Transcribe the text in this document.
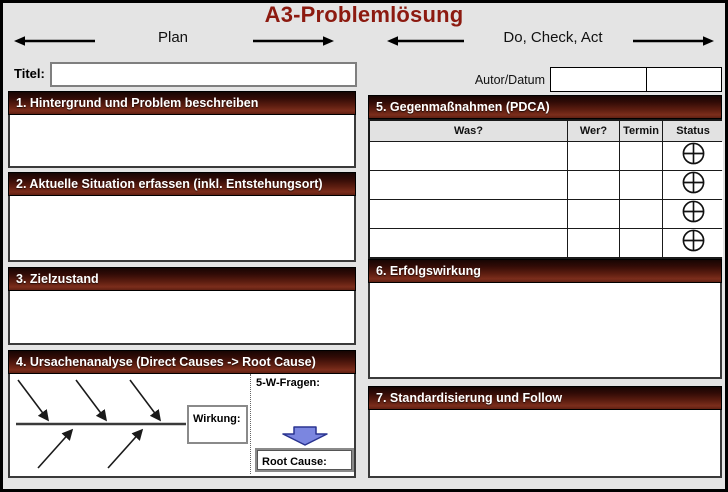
A3-Problemlösung
Plan	Do, Check, Act
Titel:
1. Hintergrund und Problem beschreiben
2. Aktuelle Situation erfassen (inkl. Entstehungsort)
3. Zielzustand
4. Ursachenanalyse (Direct Causes -> Root Cause)
Wirkung:
5-W-Fragen:
Root Cause:
Autor/Datum
5. Gegenmaßnahmen (PDCA)
Was?	Wer?	Termin	Status
6. Erfolgswirkung
7. Standardisierung und Follow
